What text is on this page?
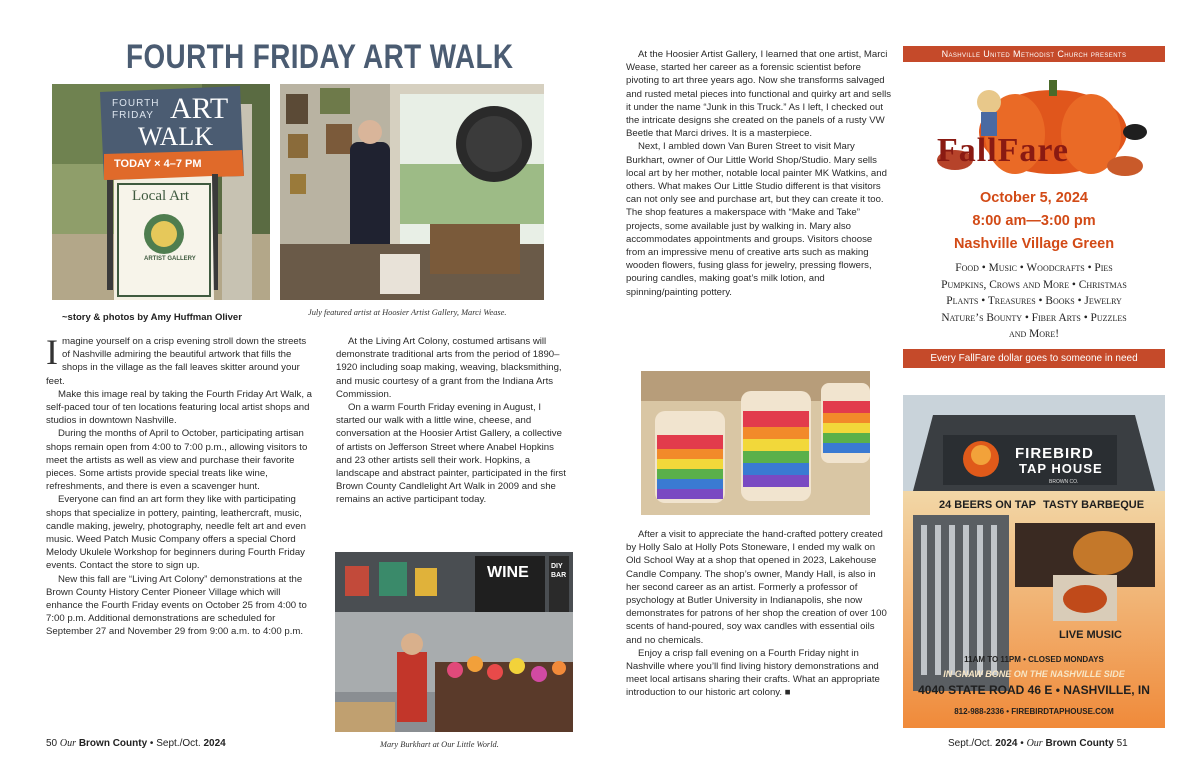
FOURTH FRIDAY ART WALK
FOURTH
FRIDAY ART
WALK
TODAY × 4–7 PM
Local Art
ARTIST GALLERY
~story & photos by Amy Huffman Oliver	July featured artist at Hoosier Artist Gallery, Marci Wease.

Imagine yourself on a crisp evening stroll down the streets of Nashville admiring the beautiful artwork that fills the shops in the village as the fall leaves skitter around your feet.

Make this image real by taking the Fourth Friday Art Walk, a self-paced tour of ten locations featuring local artist shops and studios in downtown Nashville.

During the months of April to October, participating artisan shops remain open from 4:00 to 7:00 p.m., allowing visitors to meet the artists as well as view and purchase their favorite pieces. Some artists provide special treats like wine, refreshments, and there is even a scavenger hunt.

Everyone can find an art form they like with participating shops that specialize in pottery, painting, leathercraft, music, candle making, jewelry, photography, needle felt art and even music. Weed Patch Music Company offers a special Chord Melody Ukulele Workshop for beginners during Fourth Friday events. Contact the store to sign up.

New this fall are “Living Art Colony” demonstrations at the Brown County History Center Pioneer Village which will enhance the Fourth Friday events on October 25 from 4:00 to 7:00 p.m. Additional demonstrations are scheduled for September 27 and November 29 from 9:00 a.m. to 4:00 p.m.

At the Living Art Colony, costumed artisans will demonstrate traditional arts from the period of 1890–1920 including soap making, weaving, blacksmithing, and music courtesy of a grant from the Indiana Arts Commission.

On a warm Fourth Friday evening in August, I started our walk with a little wine, cheese, and conversation at the Hoosier Artist Gallery, a collective of artists on Jefferson Street where Anabel Hopkins and 23 other artists sell their work. Hopkins, a landscape and abstract painter, participated in the first Brown County Candlelight Art Walk in 2009 and she remains an active participant today.

WINE	DIY BAR
Mary Burkhart at Our Little World.

At the Hoosier Artist Gallery, I learned that one artist, Marci Wease, started her career as a forensic scientist before pivoting to art three years ago. Now she transforms salvaged and rusted metal pieces into functional and quirky art and sells it under the name “Junk in this Truck.” As I left, I checked out the intricate designs she created on the panels of a rusty VW Beetle that Marci drives. It is a masterpiece.

Next, I ambled down Van Buren Street to visit Mary Burkhart, owner of Our Little World Shop/Studio. Mary sells local art by her mother, notable local painter MK Watkins, and others. What makes Our Little Studio different is that visitors can not only see and purchase art, but they can create it too. The shop features a makerspace with “Make and Take” projects, some available just by walking in. Mary also accommodates appointments and groups. Visitors choose from an impressive menu of creative arts such as making wooden flowers, fusing glass for jewelry, pressing flowers, pouring candles, making goat’s milk lotion, and spinning/painting pottery.

After a visit to appreciate the hand-crafted pottery created by Holly Salo at Holly Pots Stoneware, I ended my walk on Old School Way at a shop that opened in 2023, Lakehouse Candle Company. The shop’s owner, Mandy Hall, is also in her second career as an artist. Formerly a professor of psychology at Butler University in Indianapolis, she now demonstrates for patrons of her shop the creation of over 100 scents of hand-poured, soy wax candles with essential oils and no chemicals.

Enjoy a crisp fall evening on a Fourth Friday night in Nashville where you’ll find living history demonstrations and meet local artisans sharing their crafts. What an appropriate introduction to our historic art colony. ■

Nashville United Methodist Church presents
FallFare
October 5, 2024
8:00 am—3:00 pm
Nashville Village Green
Food • Music • Woodcrafts • Pies
Pumpkins, Crows and More • Christmas
Plants • Treasures • Books • Jewelry
Nature’s Bounty • Fiber Arts • Puzzles
and More!
Every FallFare dollar goes to someone in need
FIREBIRD
TAP HOUSE
BROWN CO.
24 BEERS ON TAP TASTY BARBEQUE
LIVE MUSIC
11AM TO 11PM • CLOSED MONDAYS
IN GNAW BONE ON THE NASHVILLE SIDE
4040 STATE ROAD 46 E • NASHVILLE, IN
812-988-2336 • FIREBIRDTAPHOUSE.COM
50 Our Brown County • Sept./Oct. 2024	Sept./Oct. 2024 • Our Brown County 51
